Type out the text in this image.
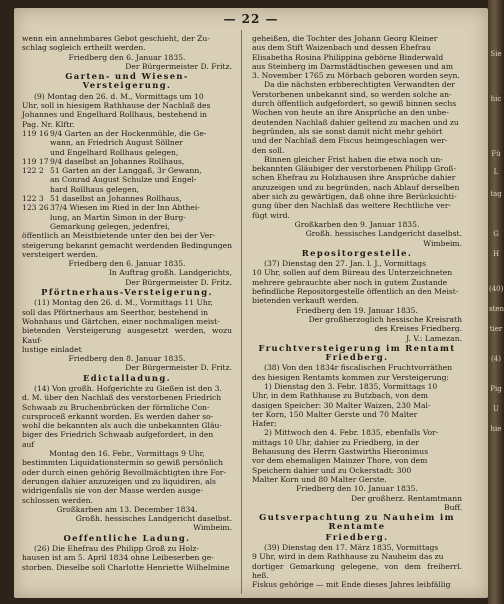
— 22 —

wenn ein annehmbares Gebot geschieht, der Zu-

schlag sogleich ertheilt werden.

Friedberg den 6. Januar 1835.

Der Bürgermeister D. Fritz.

Garten- und Wiesen-Versteigerung.

(9) Montag den 26. d. M., Vormittags um 10

Uhr, soll in hiesigem Rathhause der Nachlaß des

Johannes und Engelhard Rollhaus, bestehend in

Pag. Nr. Klftr.

119 16 9/4 Garten an der Hockenmühle, die Ge-
wann, an Friedrich August Söllner
und Engelhard Rollhaus gelegen,
119 17 9/4 daselbst an Johannes Rollhaus,
122 2 51 Garten an der Langgaß, 3r Gewann,
an Conrad August Schulze und Engel-
hard Rollhaus gelegen,
122 3 51 daselbst an Johannes Rollhaus,
123 26 37/4 Wiesen im Ried in der Inn Abthei-
lung, an Martin Simon in der Burg-
Gemarkung gelegen, jedenfrei,

öffentlich an Meistbietende unter den bei der Ver-

steigerung bekannt gemacht werdenden Bedingungen

versteigert werden.

Friedberg den 6. Januar 1835.

In Auftrag großh. Landgerichts,

Der Bürgermeister D. Fritz.

Pförtnerhaus-Versteigerung.

(11) Montag den 26. d. M., Vormittags 11 Uhr,

soll das Pförtnerhaus am Seerthor, bestehend in

Wohnhaus und Gärtchen, einer nochmaligen meist-

bietenden Versteigerung ausgesetzt werden, wozu Kauf-

lustige einladet

Friedberg den 8. Januar 1835.

Der Bürgermeister D. Fritz.

Edictalladung.

(14) Von großh. Hofgerichte zu Gießen ist den 3.

d. M. über den Nachlaß des verstorbenen Friedrich

Schwaab zu Bruchenbrücken der förmliche Con-

cursproceß erkannt worden. Es werden daher so-

wohl die bekannten als auch die unbekannten Gläu-

biger des Friedrich Schwaab aufgefordert, in den

auf

Montag den 16. Febr., Vormittags 9 Uhr,

bestimmten Liquidationstermin so gewiß persönlich

oder durch einen gehörig Bevollmächtigten ihre For-

derungen dahier anzuzeigen und zu liquidiren, als

widrigenfalls sie von der Masse werden ausge-

schlossen werden.

Großkarben am 13. December 1834.

Großh. hessisches Landgericht daselbst.

Wimbeim.

Oeffentliche Ladung.

(26) Die Ehefrau des Philipp Groß zu Holz-

hausen ist am 5. April 1834 ohne Leibeserben ge-

storben. Dieselbe soll Charlotte Henriette Wilhelmine

geheißen, die Tochter des Johann Georg Kleiner

aus dem Stift Waizenbach und dessen Ehefrau

Elisabetha Rosina Philippina gebörne Binderwald

aus Steinberg im Darmstädtischen gewesen und am

3. November 1765 zu Mörbach geboren worden seyn.

Da die nächsten erbberechtigten Verwandten der

Verstorbenen unbekannt sind, so werden solche an-

durch öffentlich aufgefordert, so gewiß binnen sechs

Wochen von heute an ihre Ansprüche an den unbe-

deutenden Nachlaß dahier geltend zu machen und zu

begründen, als sie sonst damit nicht mehr gehört

und der Nachlaß dem Fiscus heimgeschlagen wer-

den soll.

Binnen gleicher Frist haben die etwa noch un-

bekannten Gläubiger der verstorbenen Philipp Groß-

schen Ehefrau zu Holzhausen ihre Ansprüche dahier

anzuzeigen und zu begründen, nach Ablauf derselben

aber sich zu gewärtigen, daß ohne ihre Berücksichti-

gung über den Nachlaß das weitere Rechtliche ver-

fügt wird.

Großkarben den 9. Januar 1835.

Großh. hessisches Landgericht daselbst.

Wimbeim.

Repositorgestelle.

(37) Dienstag den 27. Jan. l. J., Vormittags

10 Uhr, sollen auf dem Büreau des Unterzeichneten

mehrere gebrauchte aber noch in gutem Zustande

befindliche Repositorgestelle öffentlich an den Meist-

bietenden verkauft werden.

Friedberg den 19. Januar 1835.

Der großherzoglich hessische Kreisrath

des Kreises Friedberg.

J. V.: Lamezan.

Fruchtversteigerung im Rentamt Friedberg.

(38) Von den 1834r fiscalischen Fruchtvorräthen

des hiesigen Rentamts kommen zur Versteigerung:

1) Dienstag den 3. Febr. 1835, Vormittags 10

Uhr, in dem Rathhause zu Butzbach, von dem

dasigen Speicher: 30 Malter Waizen, 230 Mal-

ter Korn, 150 Malter Gerste und 70 Malter

Hafer;

2) Mittwoch den 4. Febr. 1835, ebenfalls Vor-

mittags 10 Uhr, dahier zu Friedberg, in der

Behausung des Herrn Gastwirths Hieronimus

vor dem ehemaligen Mainzer Thore, von dem

Speichern dahier und zu Ockerstadt: 300

Malter Korn und 80 Malter Gerste.

Friedberg den 10. Januar 1835.

Der großherz. Rentamtmann

Buff.

Gutsverpachtung zu Nauheim im Rentamte

Friedberg.

(39) Dienstag den 17. März 1835, Vormittags

9 Uhr, wird in dem Rathhause zu Nauheim das zu

dortiger Gemarkung gelegene, von dem freiherrl. heß.

Fiskus gehörige — mit Ende dieses Jahres leibfällig

Sie
hic
Fü
L
tag
G
H
(40)
sten
tier
(4)
Pig
U
hie
